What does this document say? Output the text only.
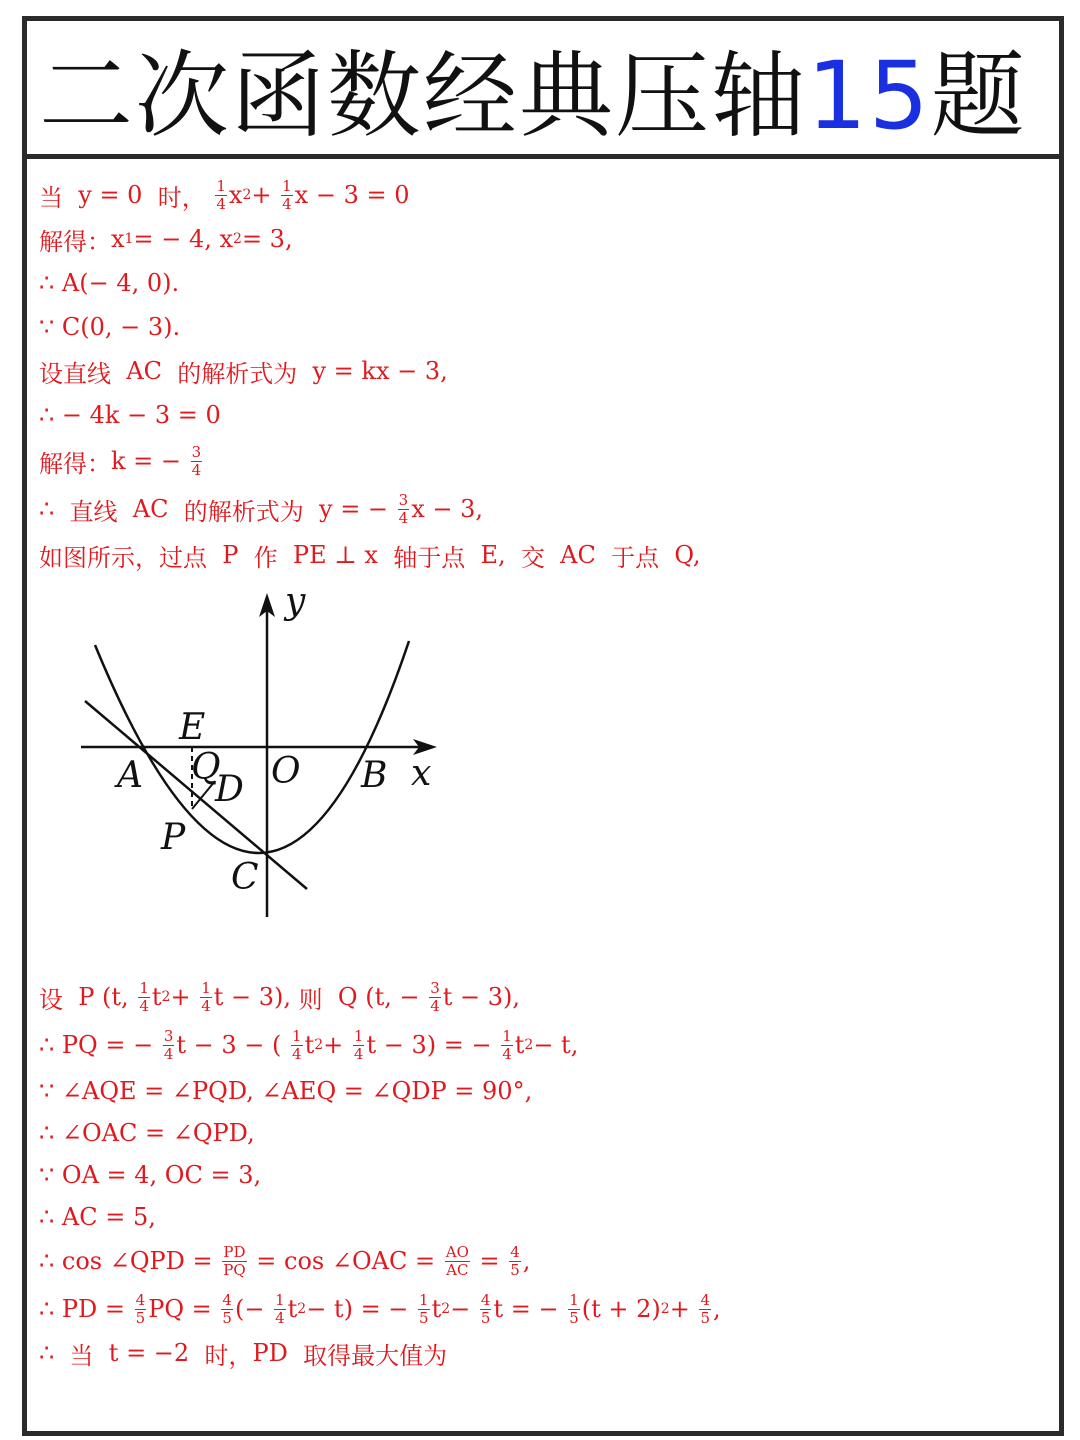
二次函数经典压轴15题
当 y = 0 时，
$\frac{1}{4}$ x $2 + \frac{1}{4}$ x − 3 = 0
解得： x 1 = − 4, x 2 = 3,
∴ A(− 4, 0).
∵ C(0, − 3).
设直线 AC 的解析式为 y = kx − 3,
∴ − 4k − 3 = 0
解得： k = − $\frac{3}{4}$
∴ 直线 AC 的解析式为 y = − $\frac{3}{4}$ x − 3,
如图所示，过点 P 作 PE ⊥ x 轴于点 E, 交 AC 于点 Q,
设 P (t, $\frac{1}{4}$ t $2 + \frac{1}{4}$ t − 3), 则 Q (t, − $\frac{3}{4}$ t − 3),
∴ PQ = − $\frac{3}{4}$ t − 3 − ( $\frac{1}{4}$ t $2 + \frac{1}{4}$ t − 3) = − $\frac{1}{4}$ t 2 − t,
∵ ∠AQE = ∠PQD, ∠AEQ = ∠QDP = 90°,
∴ ∠OAC = ∠QPD,
∵ OA = 4, OC = 3,
∴ AC = 5,
∴ cos ∠QPD = $\frac{PD}{PQ} = \cos$ ∠OAC = $\frac{AO}{AC} = \frac{4}{5}$ ,
∴ PD = $\frac{4}{5}$ PQ = $\frac{4}{5}$ (− $\frac{1}{4}$ t 2 − t) = − $\frac{1}{5}$ t $2 - \frac{4}{5}$ t = − $\frac{1}{5} (t + 2) 2 + \frac{4}{5}$ ,
∴ 当 t = −2 时， PD 取得最大值为
y
x
E
A Q
D O B
P
C
